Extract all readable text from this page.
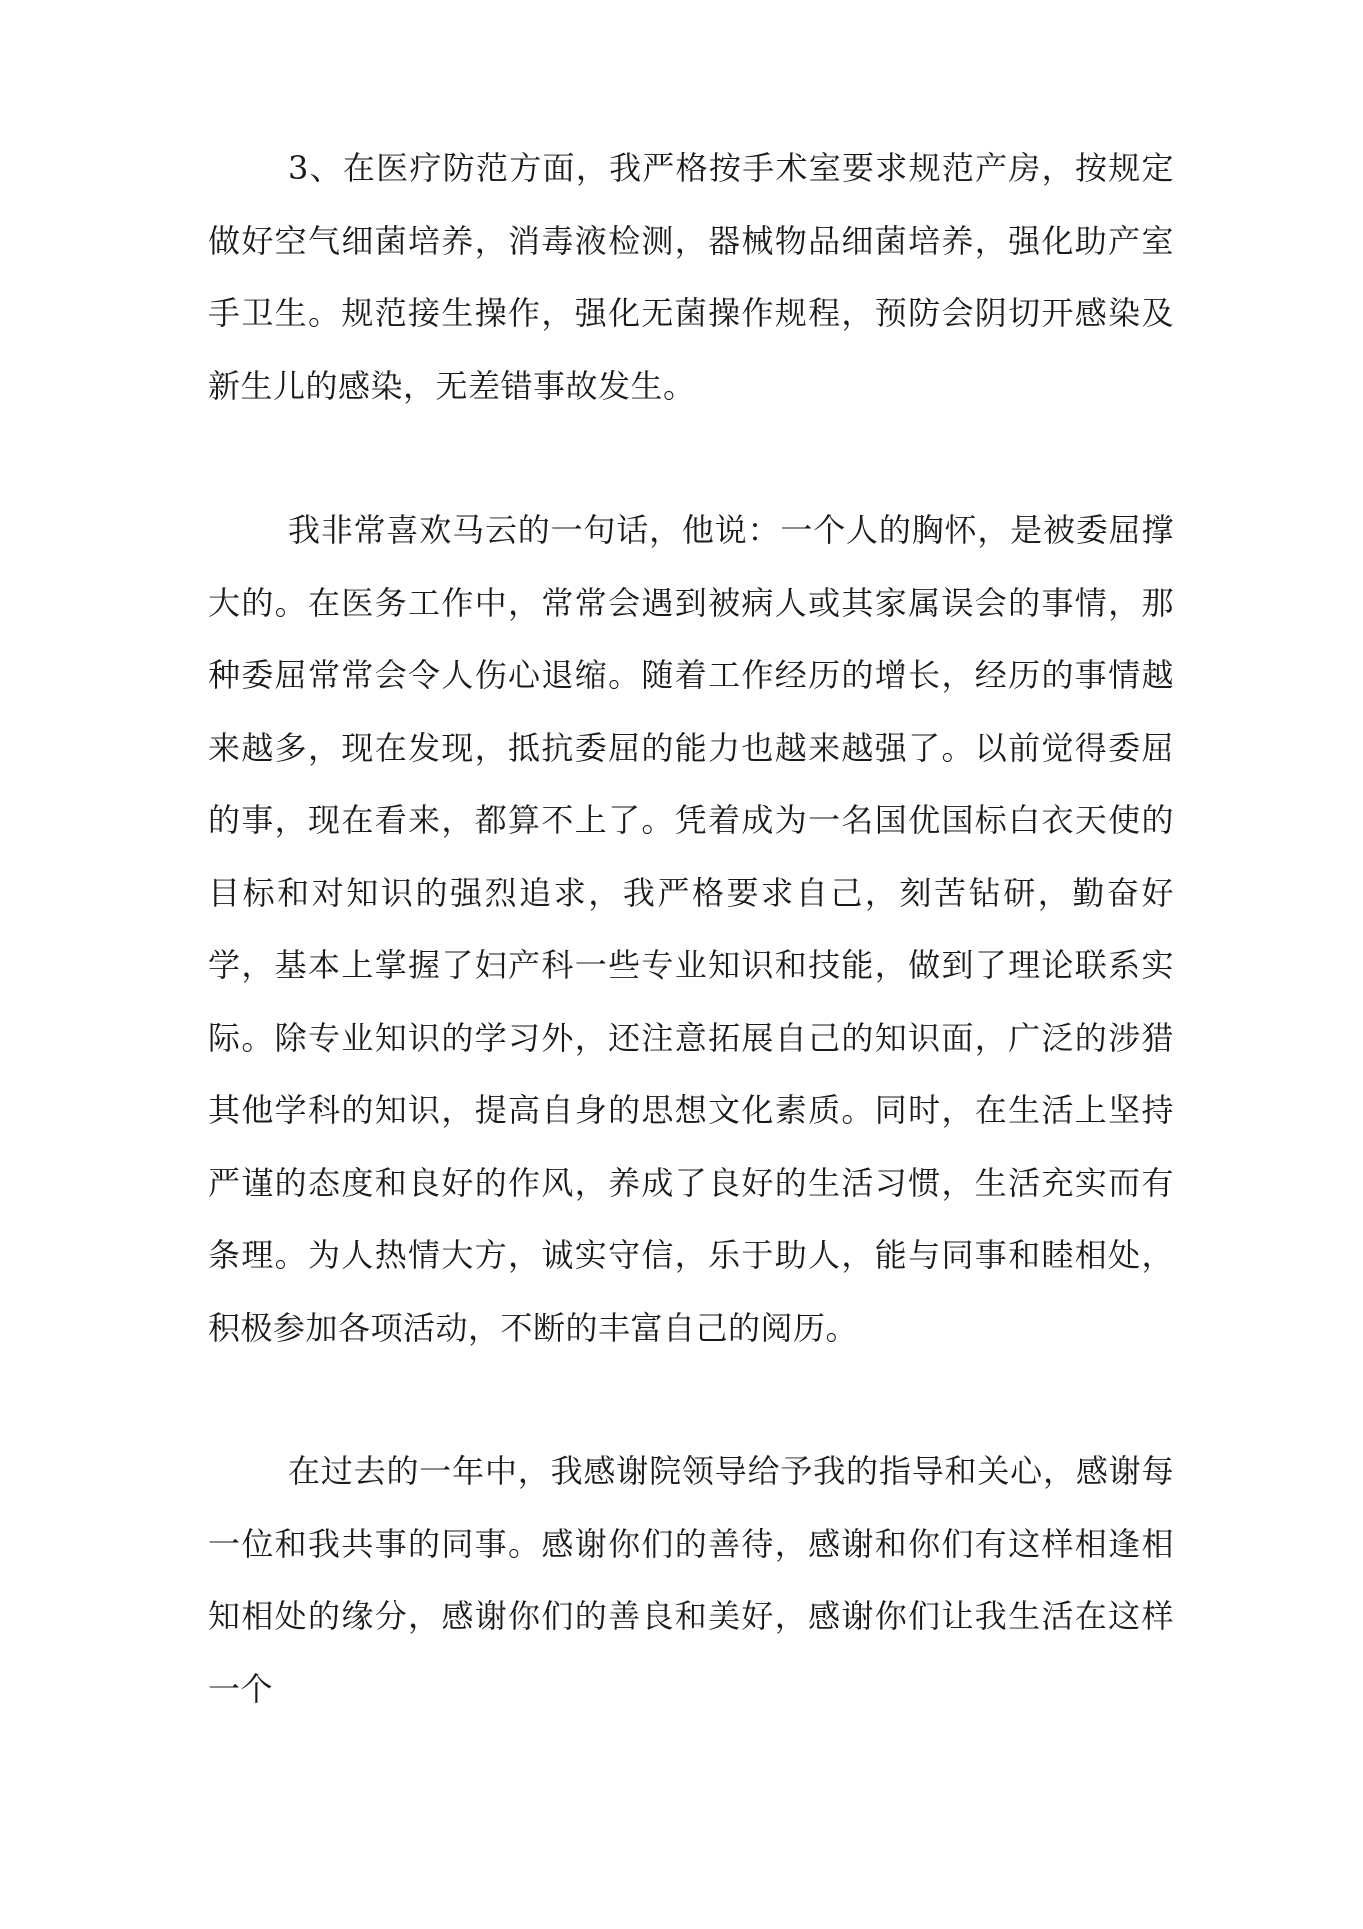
3、在医疗防范方面，我严格按手术室要求规范产房，按规定做好空气细菌培养，消毒液检测，器械物品细菌培养，强化助产室手卫生。规范接生操作，强化无菌操作规程，预防会阴切开感染及新生儿的感染，无差错事故发生。

我非常喜欢马云的一句话，他说：一个人的胸怀，是被委屈撑大的。在医务工作中，常常会遇到被病人或其家属误会的事情，那种委屈常常会令人伤心退缩。随着工作经历的增长，经历的事情越来越多，现在发现，抵抗委屈的能力也越来越强了。以前觉得委屈的事，现在看来，都算不上了。凭着成为一名国优国标白衣天使的目标和对知识的强烈追求，我严格要求自己，刻苦钻研，勤奋好学，基本上掌握了妇产科一些专业知识和技能，做到了理论联系实际。除专业知识的学习外，还注意拓展自己的知识面，广泛的涉猎其他学科的知识，提高自身的思想文化素质。同时，在生活上坚持严谨的态度和良好的作风，养成了良好的生活习惯，生活充实而有条理。为人热情大方，诚实守信，乐于助人，能与同事和睦相处，积极参加各项活动，不断的丰富自己的阅历。

在过去的一年中，我感谢院领导给予我的指导和关心，感谢每一位和我共事的同事。感谢你们的善待，感谢和你们有这样相逢相知相处的缘分，感谢你们的善良和美好，感谢你们让我生活在这样一个
